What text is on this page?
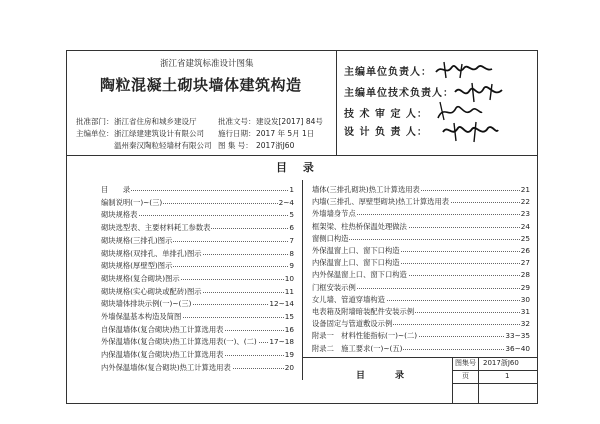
浙江省建筑标准设计图集
陶粒混凝土砌块墙体建筑构造
批准部门： 浙江省住房和城乡建设厅	批准文号： 建设发[2017] 84号
主编单位： 浙江绿建建筑设计有限公司 施行日期： 2017 年 5月 1日
温州秦汉陶粒轻墙材有限公司 图 集 号： 2017浙J60
主编单位负责人：
主编单位技术负责人：
技 术 审 定 人：
设 计 负 责 人：
目 录
目　　录	1
编制说明(一)~(三)	2~4
砌块规格表	5
砌块选型表、主要材料耗工参数表	6
砌块规格(三排孔)图示	7
砌块规格(双排孔、单排孔)图示	8
砌块规格(厚壁型)图示	9
砌块规格(复合砌块)图示	10
砌块规格(实心砌块或配砖)图示	11
砌块墙体排块示例(一)~(三)	12~14
外墙保温基本构造及简图	15
自保温墙体(复合砌块)热工计算选用表	16
外保温墙体(复合砌块)热工计算选用表(一)、(二) 17~18
内保温墙体(复合砌块)热工计算选用表	19
内外保温墙体(复合砌块)热工计算选用表	20
墙体(三排孔砌块)热工计算选用表	21
内墙(三排孔、厚壁型砌块)热工计算选用表	22
外墙墙身节点	23
框架梁、柱热桥保温处理做法	24
窗侧口构造	25
外保温窗上口、窗下口构造	26
内保温窗上口、窗下口构造	27
内外保温窗上口、窗下口构造	28
门框安装示例	29
女儿墙、管道穿墙构造	30
电表箱及附墙暗装配件安装示例	31
设备固定与管道敷设示例	32
附录一　材料性能指标(一)~(二)	33~35
附录二　施工要求(一)~(五)	36~40
目　　录
图集号 2017浙J60
页	1
